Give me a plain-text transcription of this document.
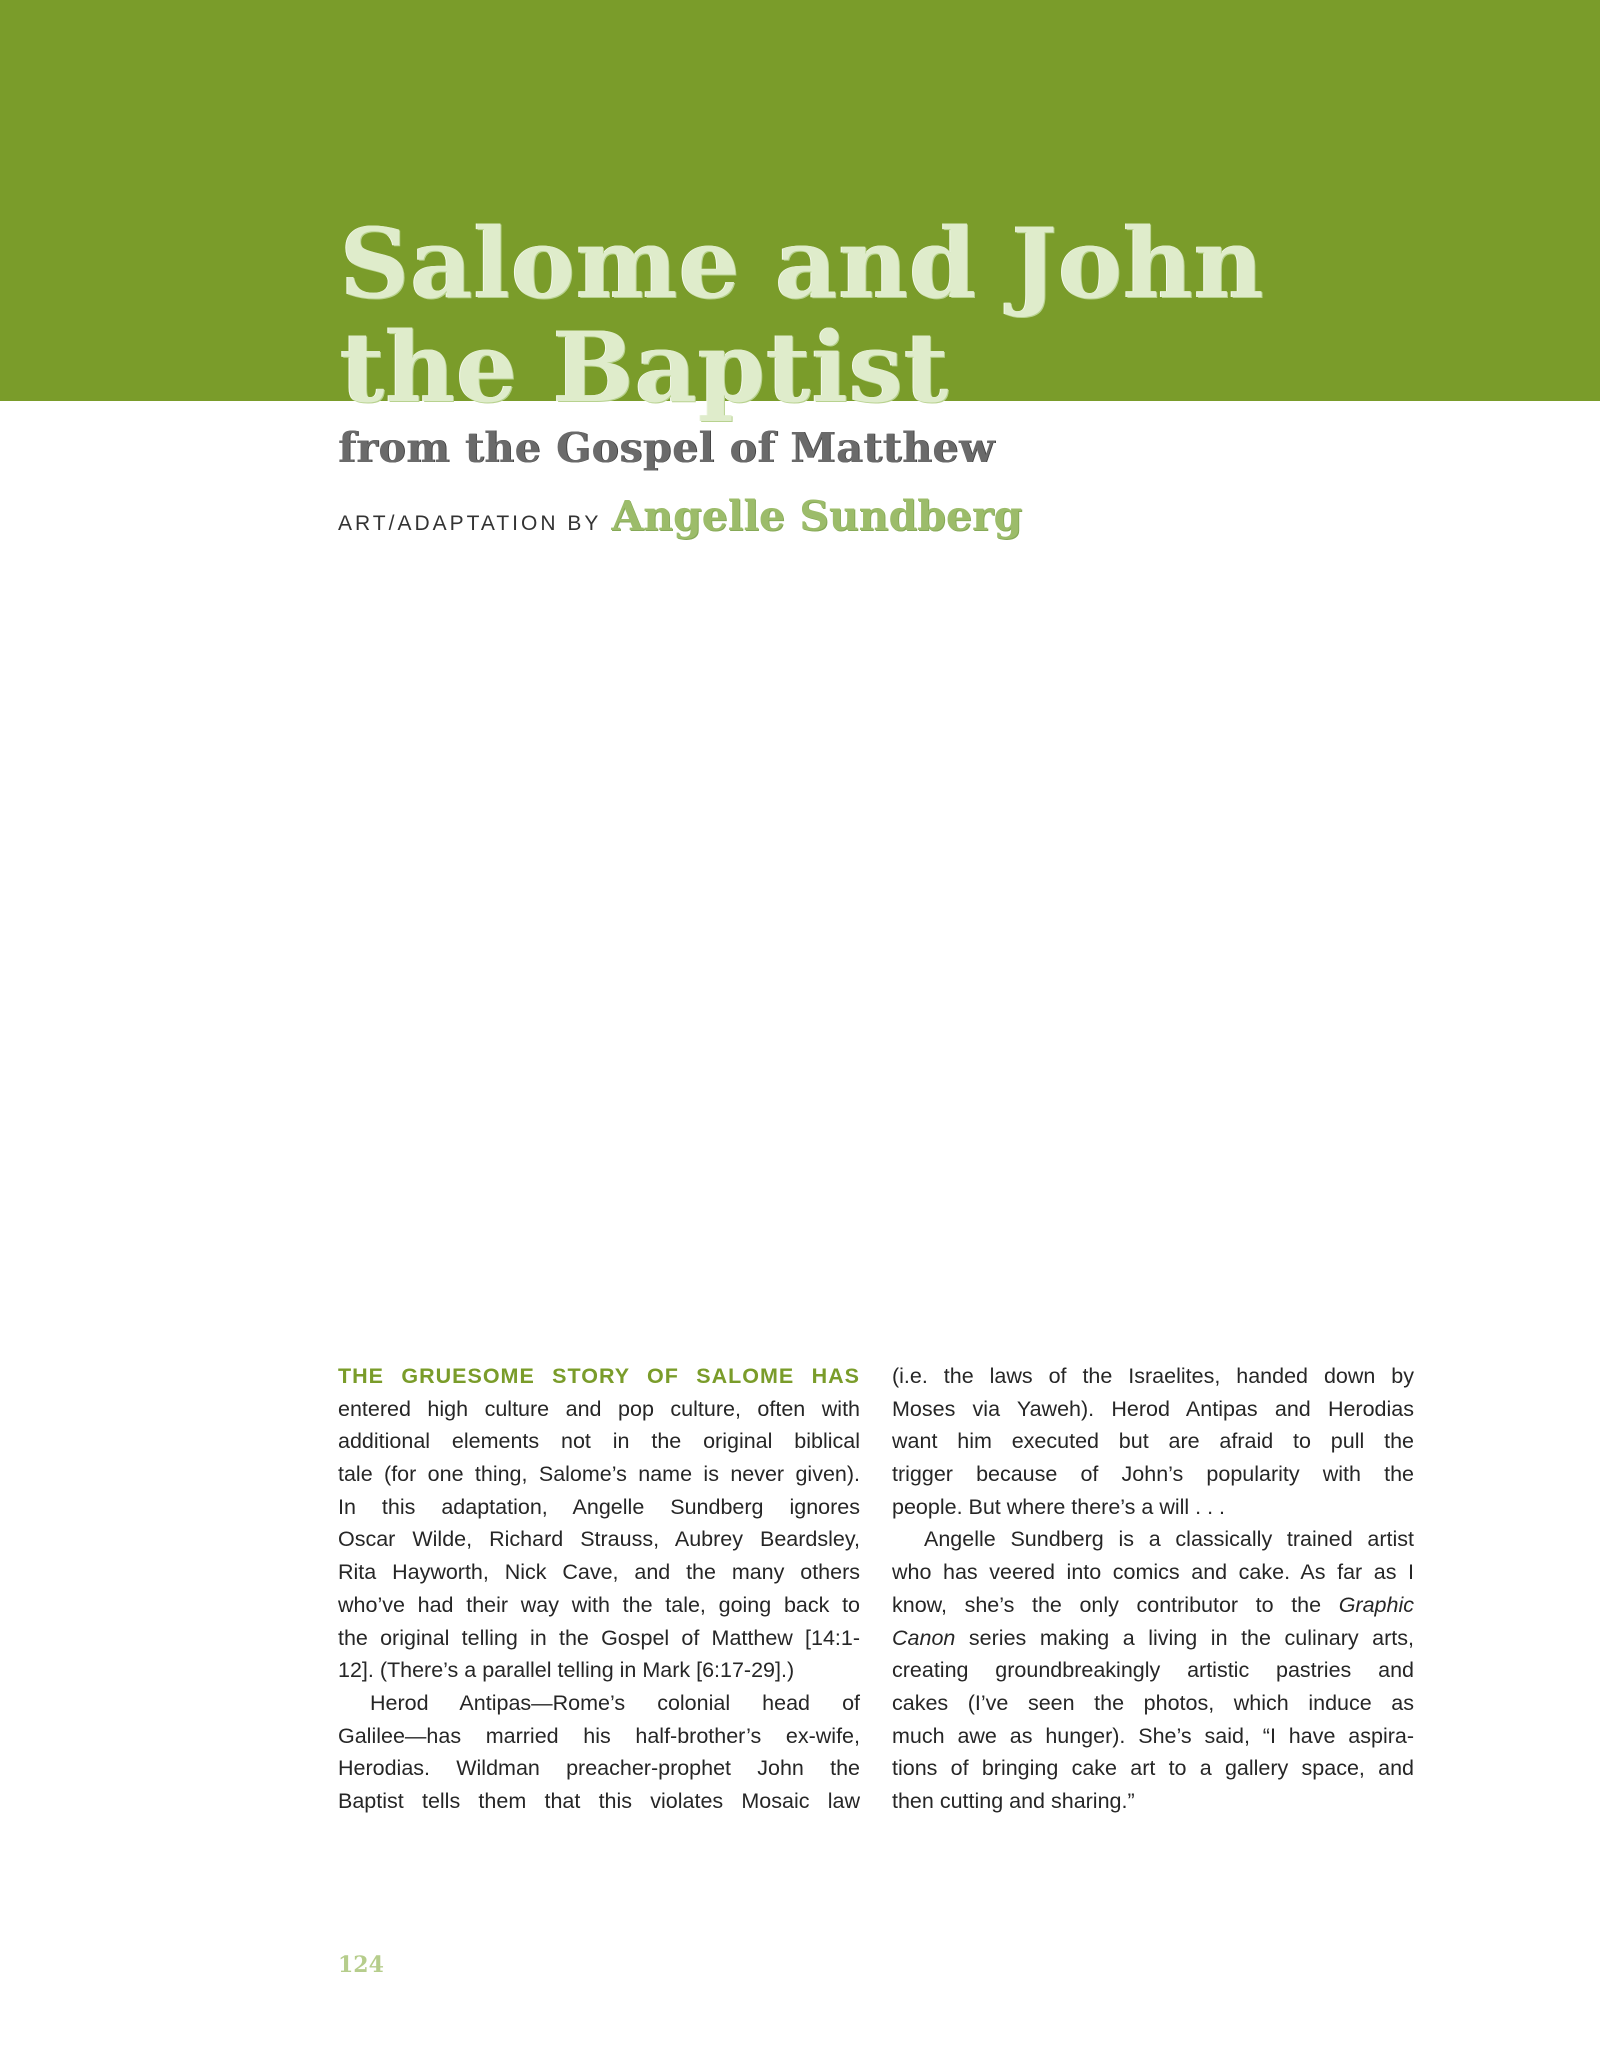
Salome and John
the Baptist
from the Gospel of Matthew
ART/ADAPTATION BY Angelle Sundberg
THE GRUESOME STORY OF SALOME HAS
entered high culture and pop culture, often with
additional elements not in the original biblical
tale (for one thing, Salome’s name is never given).
In this adaptation, Angelle Sundberg ignores
Oscar Wilde, Richard Strauss, Aubrey Beardsley,
Rita Hayworth, Nick Cave, and the many others
who’ve had their way with the tale, going back to
the original telling in the Gospel of Matthew [14:1-
12]. (There’s a parallel telling in Mark [6:17-29].)
Herod Antipas—Rome’s colonial head of
Galilee—has married his half-brother’s ex-wife,
Herodias. Wildman preacher-prophet John the
Baptist tells them that this violates Mosaic law
(i.e. the laws of the Israelites, handed down by
Moses via Yaweh). Herod Antipas and Herodias
want him executed but are afraid to pull the
trigger because of John’s popularity with the
people. But where there’s a will . . .
Angelle Sundberg is a classically trained artist
who has veered into comics and cake. As far as I
know, she’s the only contributor to the Graphic
Canon series making a living in the culinary arts,
creating groundbreakingly artistic pastries and
cakes (I’ve seen the photos, which induce as
much awe as hunger). She’s said, “I have aspira-
tions of bringing cake art to a gallery space, and
then cutting and sharing.”
124
